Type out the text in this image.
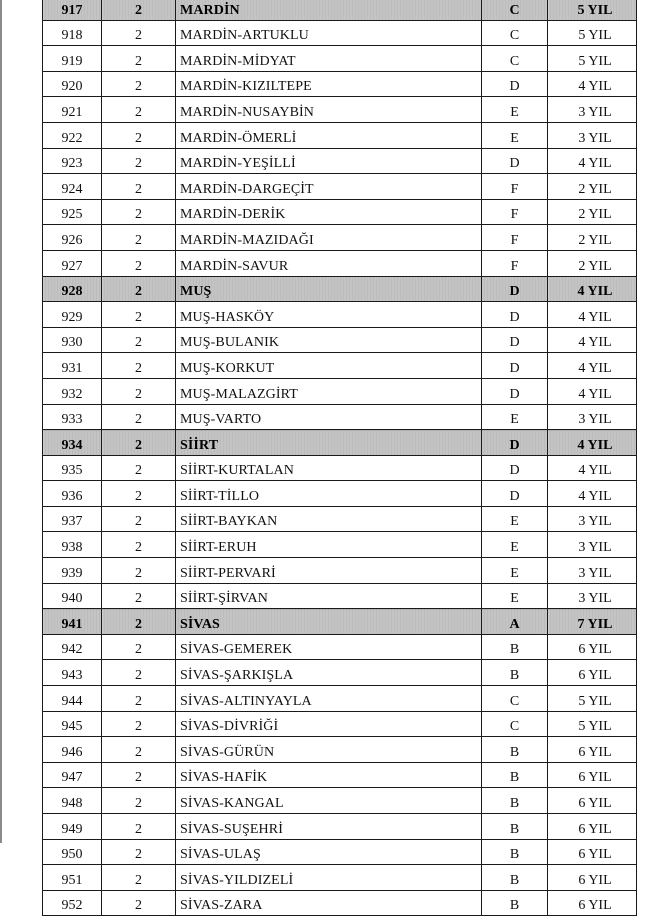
917	2	MARDİN	C	5 YIL
918	2	MARDİN-ARTUKLU	C	5 YIL
919	2	MARDİN-MİDYAT	C	5 YIL
920	2	MARDİN-KIZILTEPE	D	4 YIL
921	2	MARDİN-NUSAYBİN	E	3 YIL
922	2	MARDİN-ÖMERLİ	E	3 YIL
923	2	MARDİN-YEŞİLLİ	D	4 YIL
924	2	MARDİN-DARGEÇİT	F	2 YIL
925	2	MARDİN-DERİK	F	2 YIL
926	2	MARDİN-MAZIDAĞI	F	2 YIL
927	2	MARDİN-SAVUR	F	2 YIL
928	2	MUŞ	D	4 YIL
929	2	MUŞ-HASKÖY	D	4 YIL
930	2	MUŞ-BULANIK	D	4 YIL
931	2	MUŞ-KORKUT	D	4 YIL
932	2	MUŞ-MALAZGİRT	D	4 YIL
933	2	MUŞ-VARTO	E	3 YIL
934	2	SİİRT	D	4 YIL
935	2	SİİRT-KURTALAN	D	4 YIL
936	2	SİİRT-TİLLO	D	4 YIL
937	2	SİİRT-BAYKAN	E	3 YIL
938	2	SİİRT-ERUH	E	3 YIL
939	2	SİİRT-PERVARİ	E	3 YIL
940	2	SİİRT-ŞİRVAN	E	3 YIL
941	2	SİVAS	A	7 YIL
942	2	SİVAS-GEMEREK	B	6 YIL
943	2	SİVAS-ŞARKIŞLA	B	6 YIL
944	2	SİVAS-ALTINYAYLA	C	5 YIL
945	2	SİVAS-DİVRİĞİ	C	5 YIL
946	2	SİVAS-GÜRÜN	B	6 YIL
947	2	SİVAS-HAFİK	B	6 YIL
948	2	SİVAS-KANGAL	B	6 YIL
949	2	SİVAS-SUŞEHRİ	B	6 YIL
950	2	SİVAS-ULAŞ	B	6 YIL
951	2	SİVAS-YILDIZELİ	B	6 YIL
952	2	SİVAS-ZARA	B	6 YIL
